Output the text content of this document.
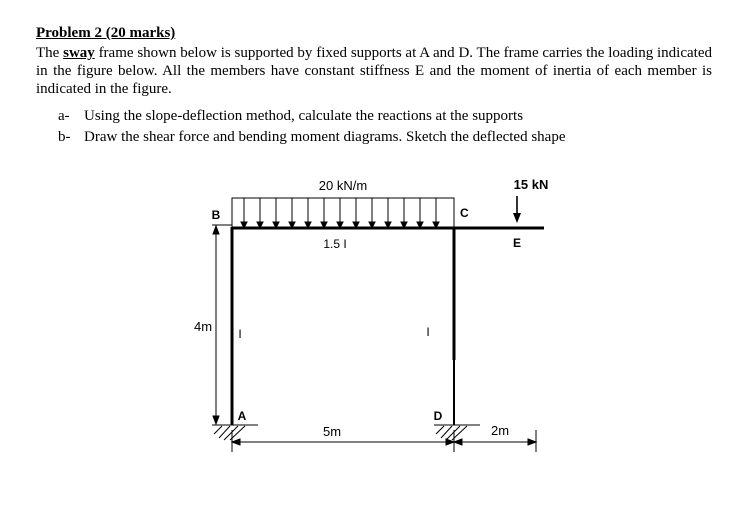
Problem 2 (20 marks)
The sway frame shown below is supported by fixed supports at A and D. The frame carries the loading indicated in the figure below. All the members have constant stiffness E and the moment of inertia of each member is indicated in the figure.
a- Using the slope-deflection method, calculate the reactions at the supports
b- Draw the shear force and bending moment diagrams. Sketch the deflected shape
20 kN/m	15 kN
B	C
E
1.5 I
4m I	I
A	D
5m	2m
